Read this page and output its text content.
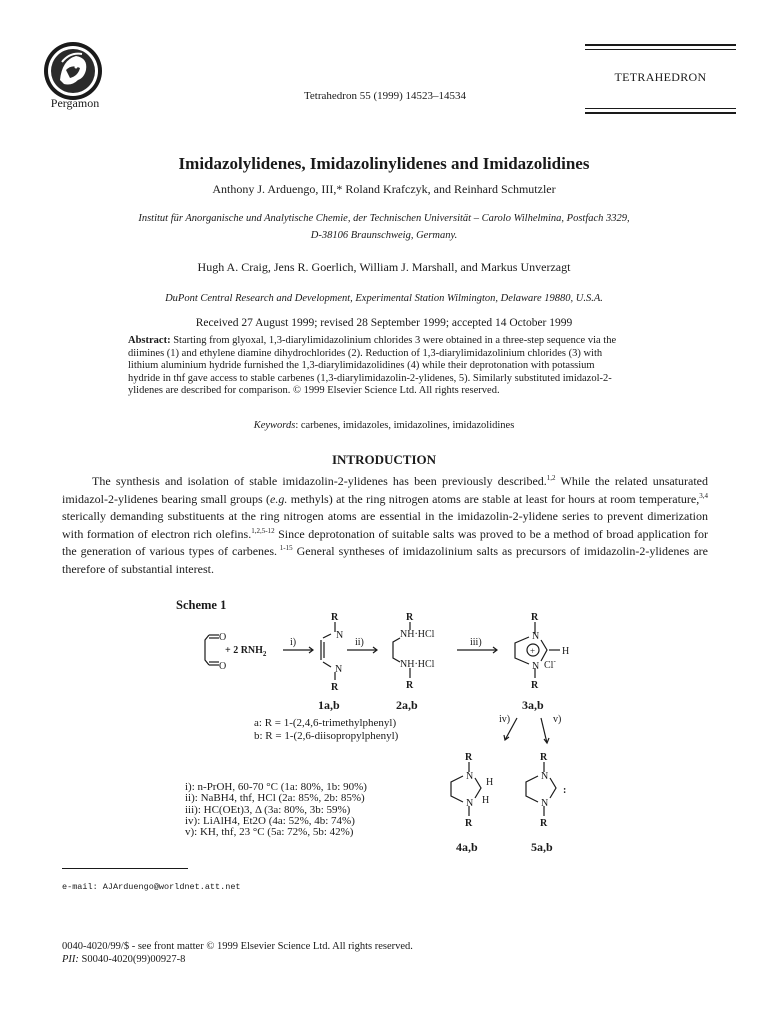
Pergamon	Tetrahedron 55 (1999) 14523–14534
TETRAHEDRON
Imidazolylidenes, Imidazolinylidenes and Imidazolidines
Anthony J. Arduengo, III,* Roland Krafczyk, and Reinhard Schmutzler
Institut für Anorganische und Analytische Chemie, der Technischen Universität – Carolo Wilhelmina, Postfach 3329,
D-38106 Braunschweig, Germany.
Hugh A. Craig, Jens R. Goerlich, William J. Marshall, and Markus Unverzagt
DuPont Central Research and Development, Experimental Station Wilmington, Delaware 19880, U.S.A.
Received 27 August 1999; revised 28 September 1999; accepted 14 October 1999
Abstract: Starting from glyoxal, 1,3-diarylimidazolinium chlorides 3 were obtained in a three-step sequence via the diimines (1) and ethylene diamine dihydrochlorides (2). Reduction of 1,3-diarylimidazolinium chlorides (3) with lithium aluminium hydride furnished the 1,3-diarylimidazolidines (4) while their deprotonation with potassium hydride in thf gave access to stable carbenes (1,3-diarylimidazolin-2-ylidenes, 5). Similarly substituted imidazol-2-ylidenes are described for comparison. © 1999 Elsevier Science Ltd. All rights reserved.
Keywords: carbenes, imidazoles, imidazolines, imidazolidines
INTRODUCTION
The synthesis and isolation of stable imidazolin-2-ylidenes has been previously described.$^{1,2}$ While the related unsaturated imidazol-2-ylidenes bearing small groups (e.g. methyls) at the ring nitrogen atoms are stable at least for hours at room temperature,$^{3,4}$ sterically demanding substituents at the ring nitrogen atoms are essential in the imidazolin-2-ylidene series to prevent dimerization with formation of electron rich olefins.$^{1,2,5-12}$ Since deprotonation of suitable salts was proved to be a method of broad application for the generation of various types of carbenes. $^{1-15}$ General syntheses of imidazolinium salts as precursors of imidazolin-2-ylidenes are therefore of substantial interest.
Scheme 1
O
O
+ 2 $RNH_2$
i)
R
N
N
R
ii)
R
NH·HCl
NH·HCl
R
iii)
R
N
+	H
Cl-
N
R
iv)	v)
R
N
H
H
N
R
R
N
:
N
R
1a,b	2a,b	3a,b
4a,b	5a,b
a: R = 1-(2,4,6-trimethylphenyl)
b: R = 1-(2,6-diisopropylphenyl)
i): n-PrOH, 60-70 °C (1a: 80%, 1b: 90%)
ii): NaBH4, thf, HCl (2a: 85%, 2b: 85%)
iii): HC(OEt)3, Δ (3a: 80%, 3b: 59%)
iv): LiAlH4, Et2O (4a: 52%, 4b: 74%)
v): KH, thf, 23 °C (5a: 72%, 5b: 42%)
e-mail: AJArduengo@worldnet.att.net
0040-4020/99/$ - see front matter © 1999 Elsevier Science Ltd. All rights reserved.
PII: S0040-4020(99)00927-8
